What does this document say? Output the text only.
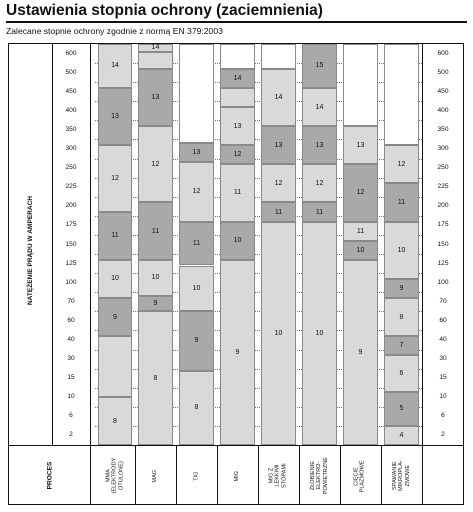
Ustawienia stopnia ochrony (zaciemnienia)
Zalecane stopnie ochrony zgodnie z normą EN 379:2003
NATĘŻENIE PRĄDU W AMPERACH
PROCES
600	600
500	500
450	450
400	400
350	350
300	300
250	250
225	225
200	200
175	175
150	150
125	125
100	100
70	70
60	60
40	40
30	30
15	15
10	10
6	6
2	2
8
9
10
11
12
13
14
MMA
(ELEKTRODY
OTULONE)
8
9
10
11
12
13
14
MAG
8
9
10
11
12
13
TIG
9
10
11
12
13
14
MIG
10
11
12
13
14
MIG Z
LEKKIMI
STOPAMI
10
11
12
13
14
15
ŻŁOBIENIE
ELEKTRO-
POWIETRZNE
9
10
11
12
13
CIĘCIE
PLAZMOWE
4
5
6
7
8
9
10
11
12
SPAWANIE
MIKROPLA-
ZMOWE
